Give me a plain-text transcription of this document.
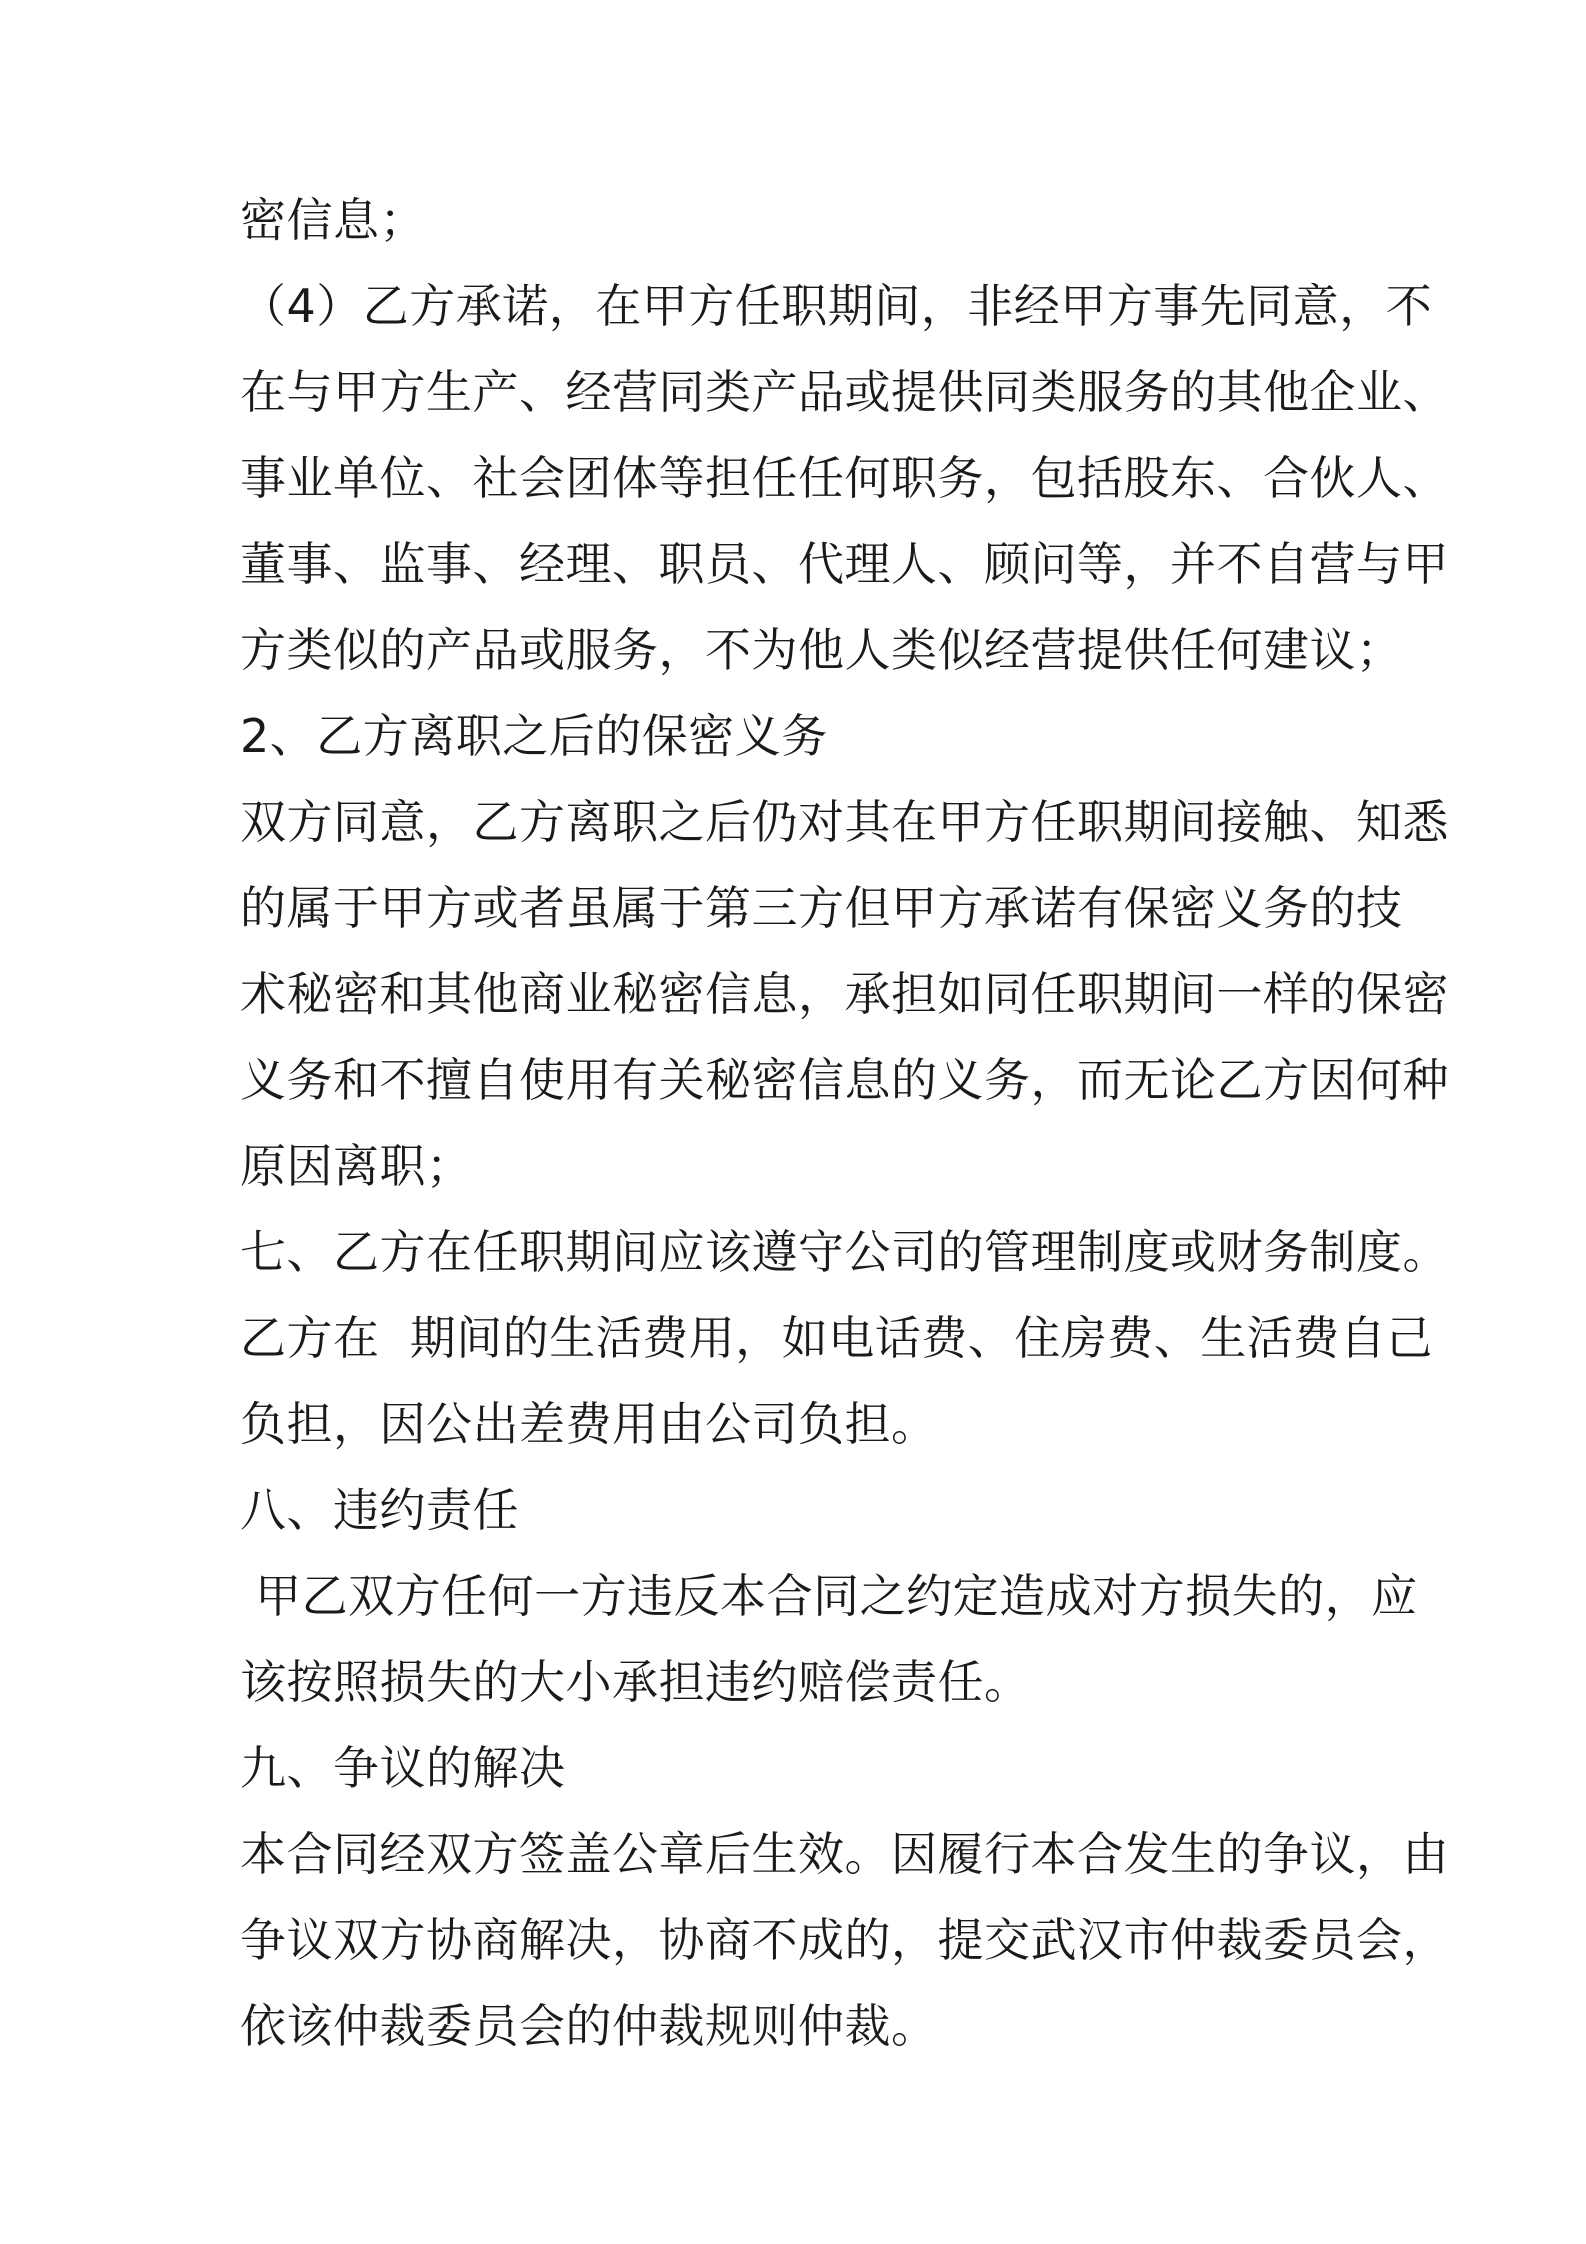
密信息；
（4）乙方承诺，在甲方任职期间，非经甲方事先同意，不
在与甲方生产、经营同类产品或提供同类服务的其他企业、
事业单位、社会团体等担任任何职务，包括股东、合伙人、
董事、监事、经理、职员、代理人、顾问等，并不自营与甲
方类似的产品或服务，不为他人类似经营提供任何建议；
2、乙方离职之后的保密义务
双方同意，乙方离职之后仍对其在甲方任职期间接触、知悉
的属于甲方或者虽属于第三方但甲方承诺有保密义务的技
术秘密和其他商业秘密信息，承担如同任职期间一样的保密
义务和不擅自使用有关秘密信息的义务，而无论乙方因何种
原因离职；
七、乙方在任职期间应该遵守公司的管理制度或财务制度。
乙方在  期间的生活费用，如电话费、住房费、生活费自己
负担，因公出差费用由公司负担。
八、违约责任
甲乙双方任何一方违反本合同之约定造成对方损失的，应
该按照损失的大小承担违约赔偿责任。
九、争议的解决
本合同经双方签盖公章后生效。因履行本合发生的争议，由
争议双方协商解决，协商不成的，提交武汉市仲裁委员会，
依该仲裁委员会的仲裁规则仲裁。
